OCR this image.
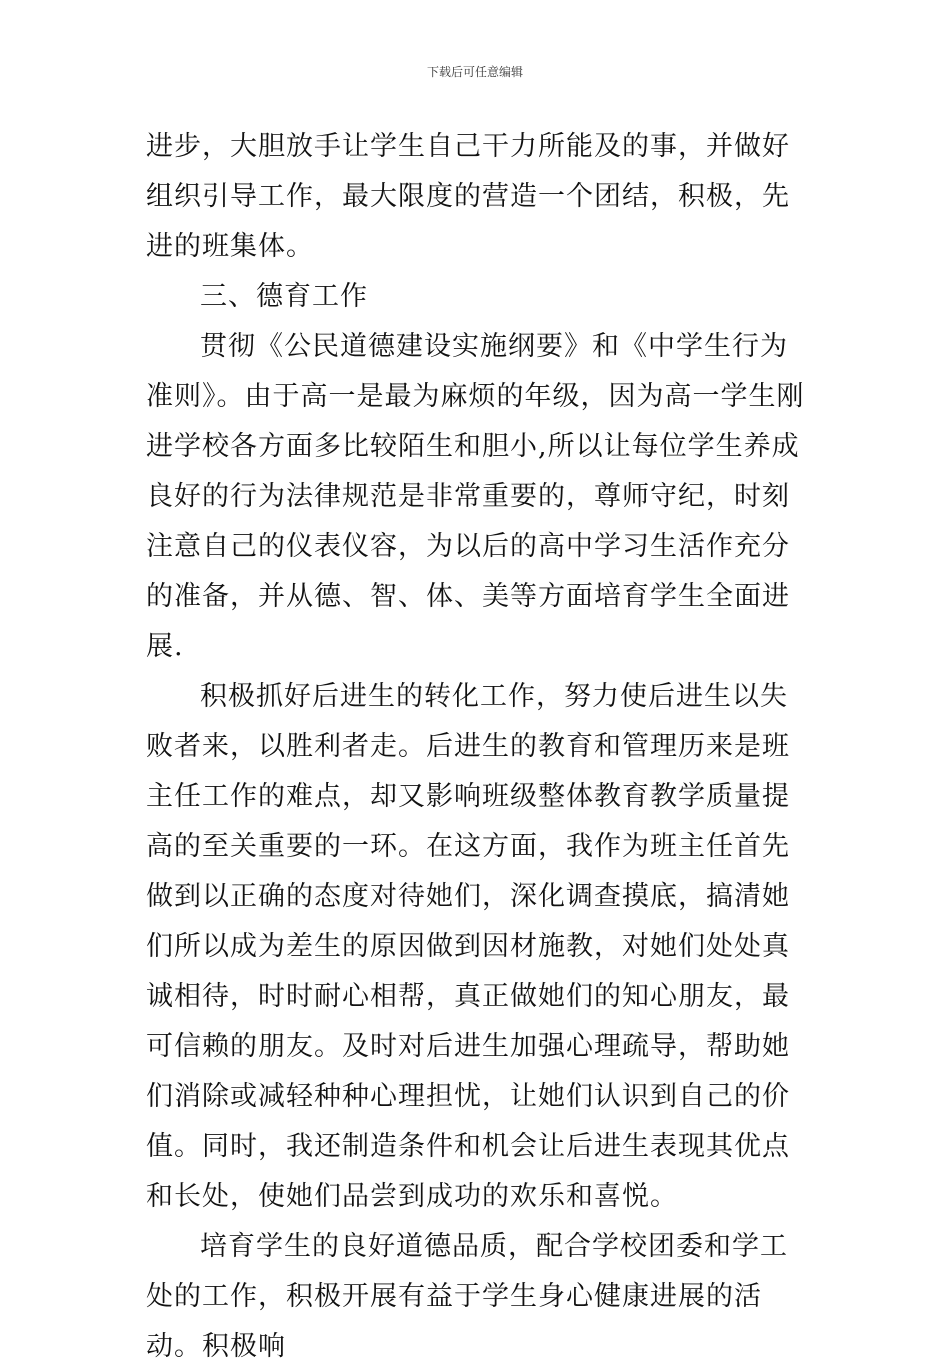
下载后可任意编辑

进步，大胆放手让学生自己干力所能及的事，并做好组织引导工作，最大限度的营造一个团结，积极，先进的班集体。

三、德育工作

贯彻《公民道德建设实施纲要》和《中学生行为准则》。由于高一是最为麻烦的年级，因为高一学生刚进学校各方面多比较陌生和胆小,所以让每位学生养成良好的行为法律规范是非常重要的，尊师守纪，时刻注意自己的仪表仪容，为以后的高中学习生活作充分的准备，并从德、智、体、美等方面培育学生全面进展.

积极抓好后进生的转化工作，努力使后进生以失败者来，以胜利者走。后进生的教育和管理历来是班主任工作的难点，却又影响班级整体教育教学质量提高的至关重要的一环。在这方面，我作为班主任首先做到以正确的态度对待她们，深化调查摸底，搞清她们所以成为差生的原因做到因材施教，对她们处处真诚相待，时时耐心相帮，真正做她们的知心朋友，最可信赖的朋友。及时对后进生加强心理疏导，帮助她们消除或减轻种种心理担忧，让她们认识到自己的价值。同时，我还制造条件和机会让后进生表现其优点和长处，使她们品尝到成功的欢乐和喜悦。

培育学生的良好道德品质，配合学校团委和学工处的工作，积极开展有益于学生身心健康进展的活动。积极响
